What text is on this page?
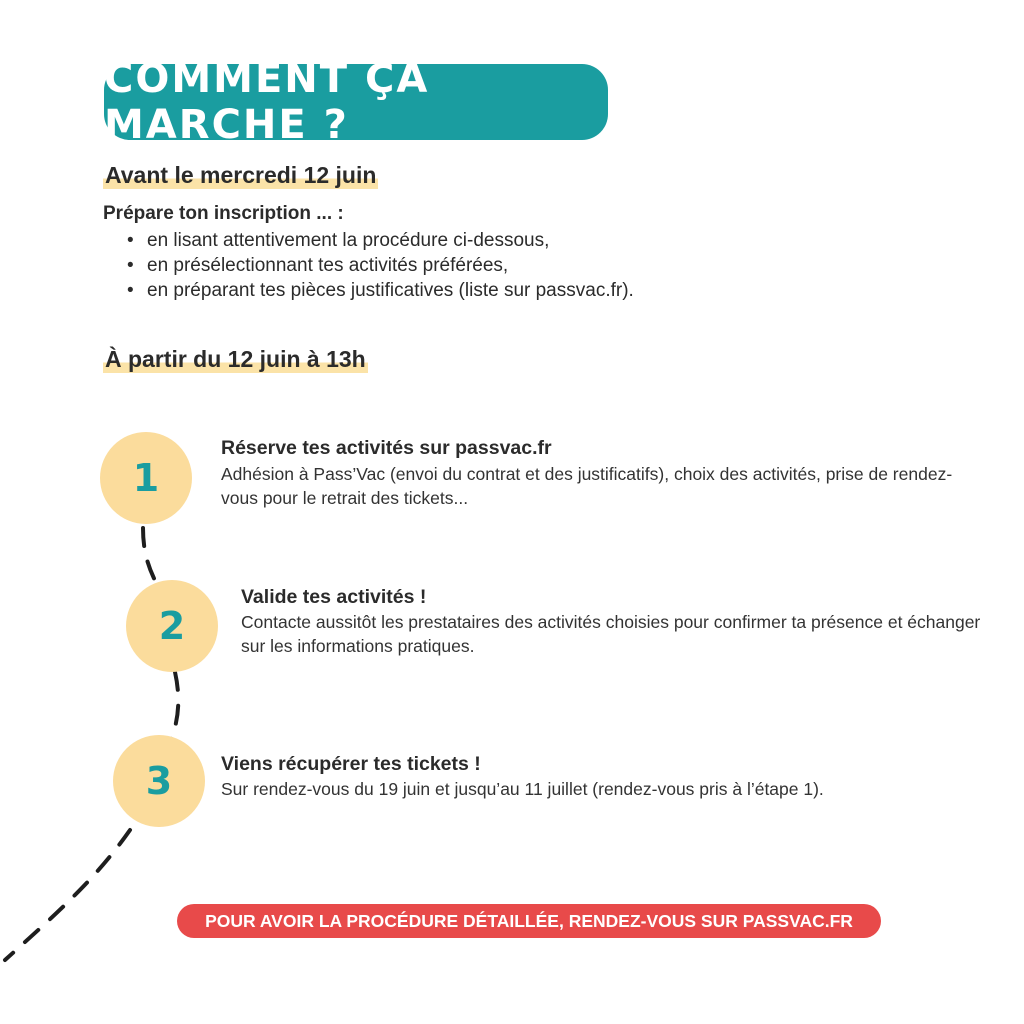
COMMENT ÇA MARCHE ?
Avant le mercredi 12 juin
Prépare ton inscription ... :
• en lisant attentivement la procédure ci-dessous,
• en présélectionnant tes activités préférées,
• en préparant tes pièces justificatives (liste sur passvac.fr).
À partir du 12 juin à 13h
1
2
3
Réserve tes activités sur passvac.fr
Adhésion à Pass’Vac (envoi du contrat et des justificatifs), choix des activités, prise de rendez-vous pour le retrait des tickets...
Valide tes activités !
Contacte aussitôt les prestataires des activités choisies pour confirmer ta présence et échanger sur les informations pratiques.
Viens récupérer tes tickets !
Sur rendez-vous du 19 juin et jusqu’au 11 juillet (rendez-vous pris à l’étape 1).
POUR AVOIR LA PROCÉDURE DÉTAILLÉE, RENDEZ-VOUS SUR PASSVAC.FR
